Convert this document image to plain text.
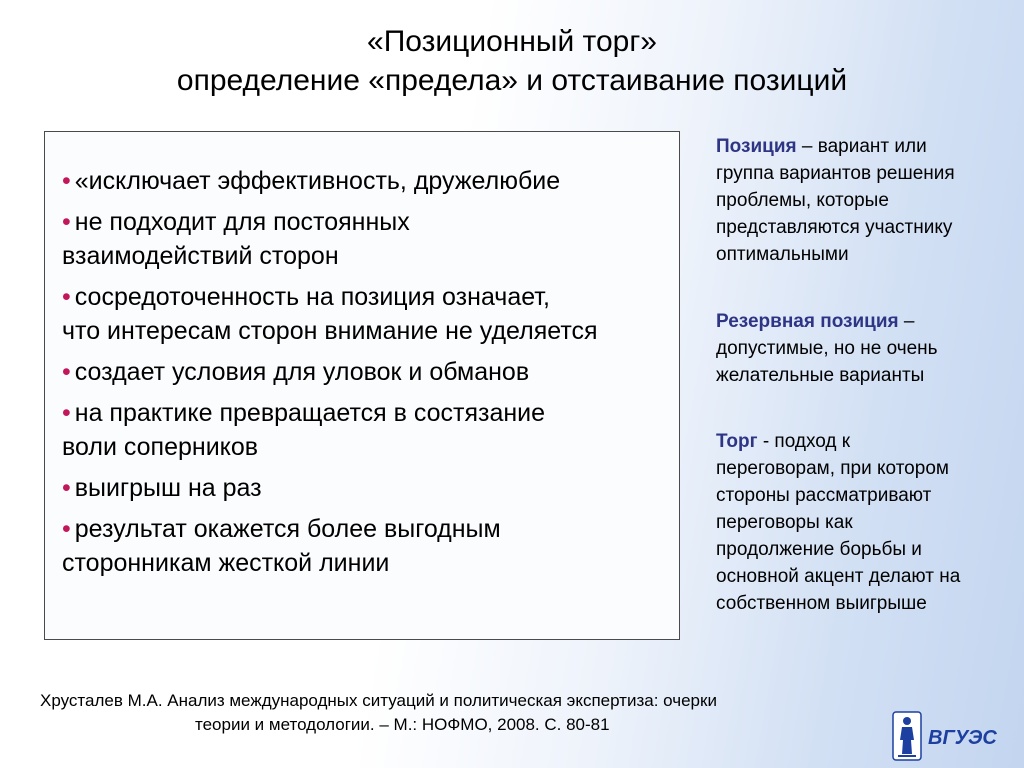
«Позиционный торг»
определение «предела» и отстаивание позиций
• «исключает эффективность, дружелюбие
• не подходит для постоянных
взаимодействий сторон
• сосредоточенность на позиция означает,
что интересам сторон внимание не уделяется
• создает условия для уловок и обманов
• на практике превращается в состязание
воли соперников
• выигрыш на раз
• результат окажется более выгодным
сторонникам жесткой линии
Позиция – вариант или
группа вариантов решения
проблемы, которые
представляются участнику
оптимальными
Резервная позиция –
допустимые, но не очень
желательные варианты
Торг - подход к
переговорам, при котором
стороны рассматривают
переговоры как
продолжение борьбы и
основной акцент делают на
собственном выигрыше
Хрусталев М.А. Анализ международных ситуаций и политическая экспертиза: очерки
теории и методологии. – М.: НОФМО, 2008. С. 80-81
ВГУЭС
